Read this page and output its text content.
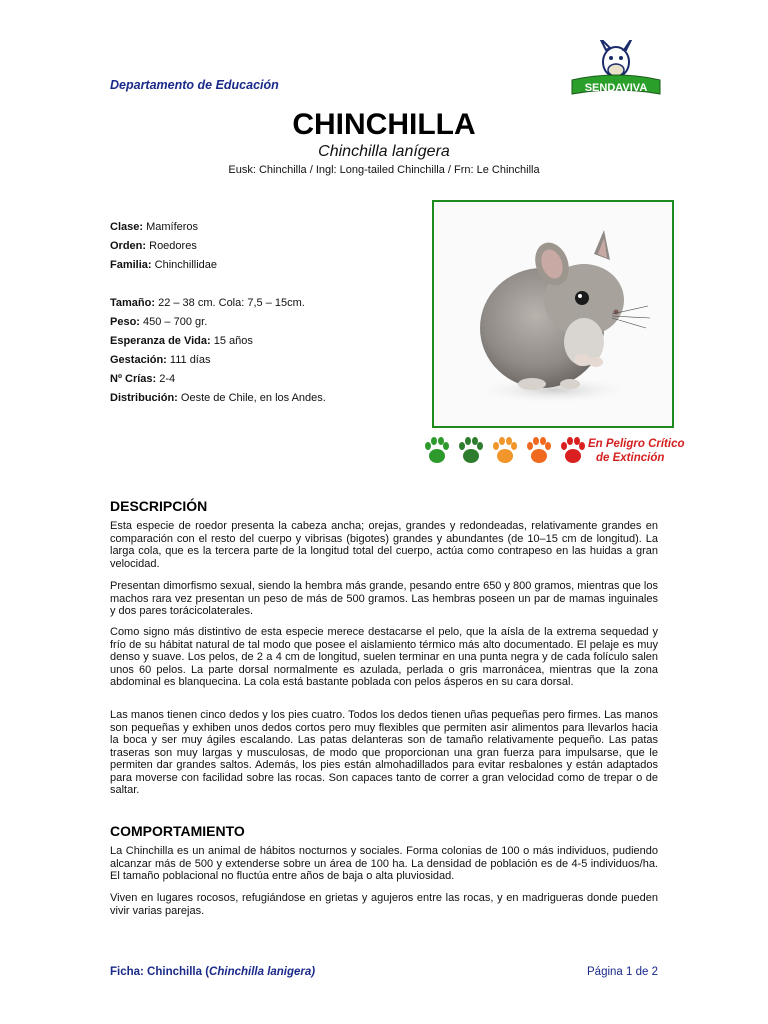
Departamento de Educación	SENDAVIVA
CHINCHILLA
Chinchilla lanígera
Eusk: Chinchilla / Ingl: Long-tailed Chinchilla / Frn: Le Chinchilla
Clase: Mamíferos
Orden: Roedores
Familia: Chinchillidae
Tamaño: 22 – 38 cm. Cola: 7,5 – 15cm.
Peso: 450 – 700 gr.
Esperanza de Vida: 15 años
Gestación: 111 días
Nº Crías: 2-4
Distribución: Oeste de Chile, en los Andes.
En Peligro Crítico
de Extinción
DESCRIPCIÓN

Esta especie de roedor presenta la cabeza ancha; orejas, grandes y redondeadas, relativamente grandes en comparación con el resto del cuerpo y vibrisas (bigotes) grandes y abundantes (de 10–15 cm de longitud). La larga cola, que es la tercera parte de la longitud total del cuerpo, actúa como contrapeso en las huidas a gran velocidad.

Presentan dimorfismo sexual, siendo la hembra más grande, pesando entre 650 y 800 gramos, mientras que los machos rara vez presentan un peso de más de 500 gramos. Las hembras poseen un par de mamas inguinales y dos pares torácicolaterales.

Como signo más distintivo de esta especie merece destacarse el pelo, que la aísla de la extrema sequedad y frío de su hábitat natural de tal modo que posee el aislamiento térmico más alto documentado. El pelaje es muy denso y suave. Los pelos, de 2 a 4 cm de longitud, suelen terminar en una punta negra y de cada folículo salen unos 60 pelos. La parte dorsal normalmente es azulada, perlada o gris marronácea, mientras que la zona abdominal es blanquecina. La cola está bastante poblada con pelos ásperos en su cara dorsal.

Las manos tienen cinco dedos y los pies cuatro. Todos los dedos tienen uñas pequeñas pero firmes. Las manos son pequeñas y exhiben unos dedos cortos pero muy flexibles que permiten asir alimentos para llevarlos hacia la boca y ser muy ágiles escalando. Las patas delanteras son de tamaño relativamente pequeño. Las patas traseras son muy largas y musculosas, de modo que proporcionan una gran fuerza para impulsarse, que le permiten dar grandes saltos. Además, los pies están almohadillados para evitar resbalones y están adaptados para moverse con facilidad sobre las rocas. Son capaces tanto de correr a gran velocidad como de trepar o de saltar.

COMPORTAMIENTO

La Chinchilla es un animal de hábitos nocturnos y sociales. Forma colonias de 100 o más individuos, pudiendo alcanzar más de 500 y extenderse sobre un área de 100 ha. La densidad de población es de 4-5 individuos/ha. El tamaño poblacional no fluctúa entre años de baja o alta pluviosidad.

Viven en lugares rocosos, refugiándose en grietas y agujeros entre las rocas, y en madrigueras donde pueden vivir varias parejas.

Ficha: Chinchilla (Chinchilla lanigera)	Página 1 de 2
